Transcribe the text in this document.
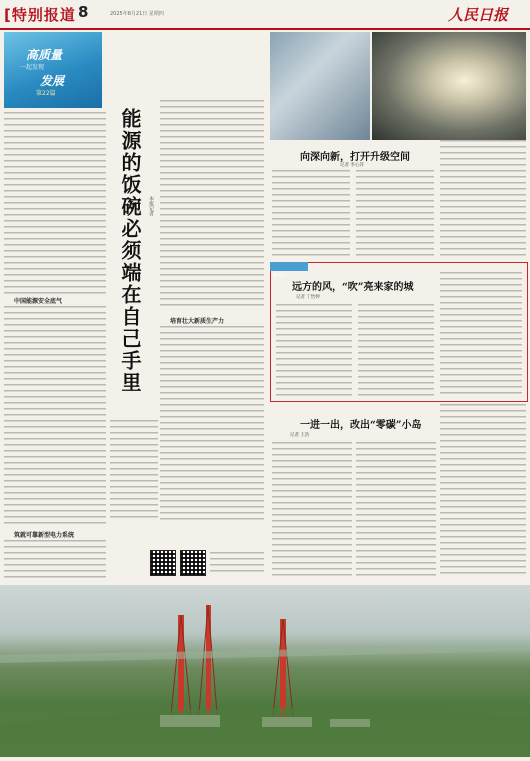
[特别报道 8	2025年8月21日 星期四	人民日报
高质量
一起发现
发展
第22篇
中国能源安全底气
筑就可靠新型电力系统
能源的饭碗必须端在自己手里 本报记者
培育壮大新质生产力
向深向新，打开升级空间
记者 李心萍
新闻二
远方的风，“吹”亮来家的城
记者 丁怡婷
一进一出，改出“零碳”小岛
记者 王浩
